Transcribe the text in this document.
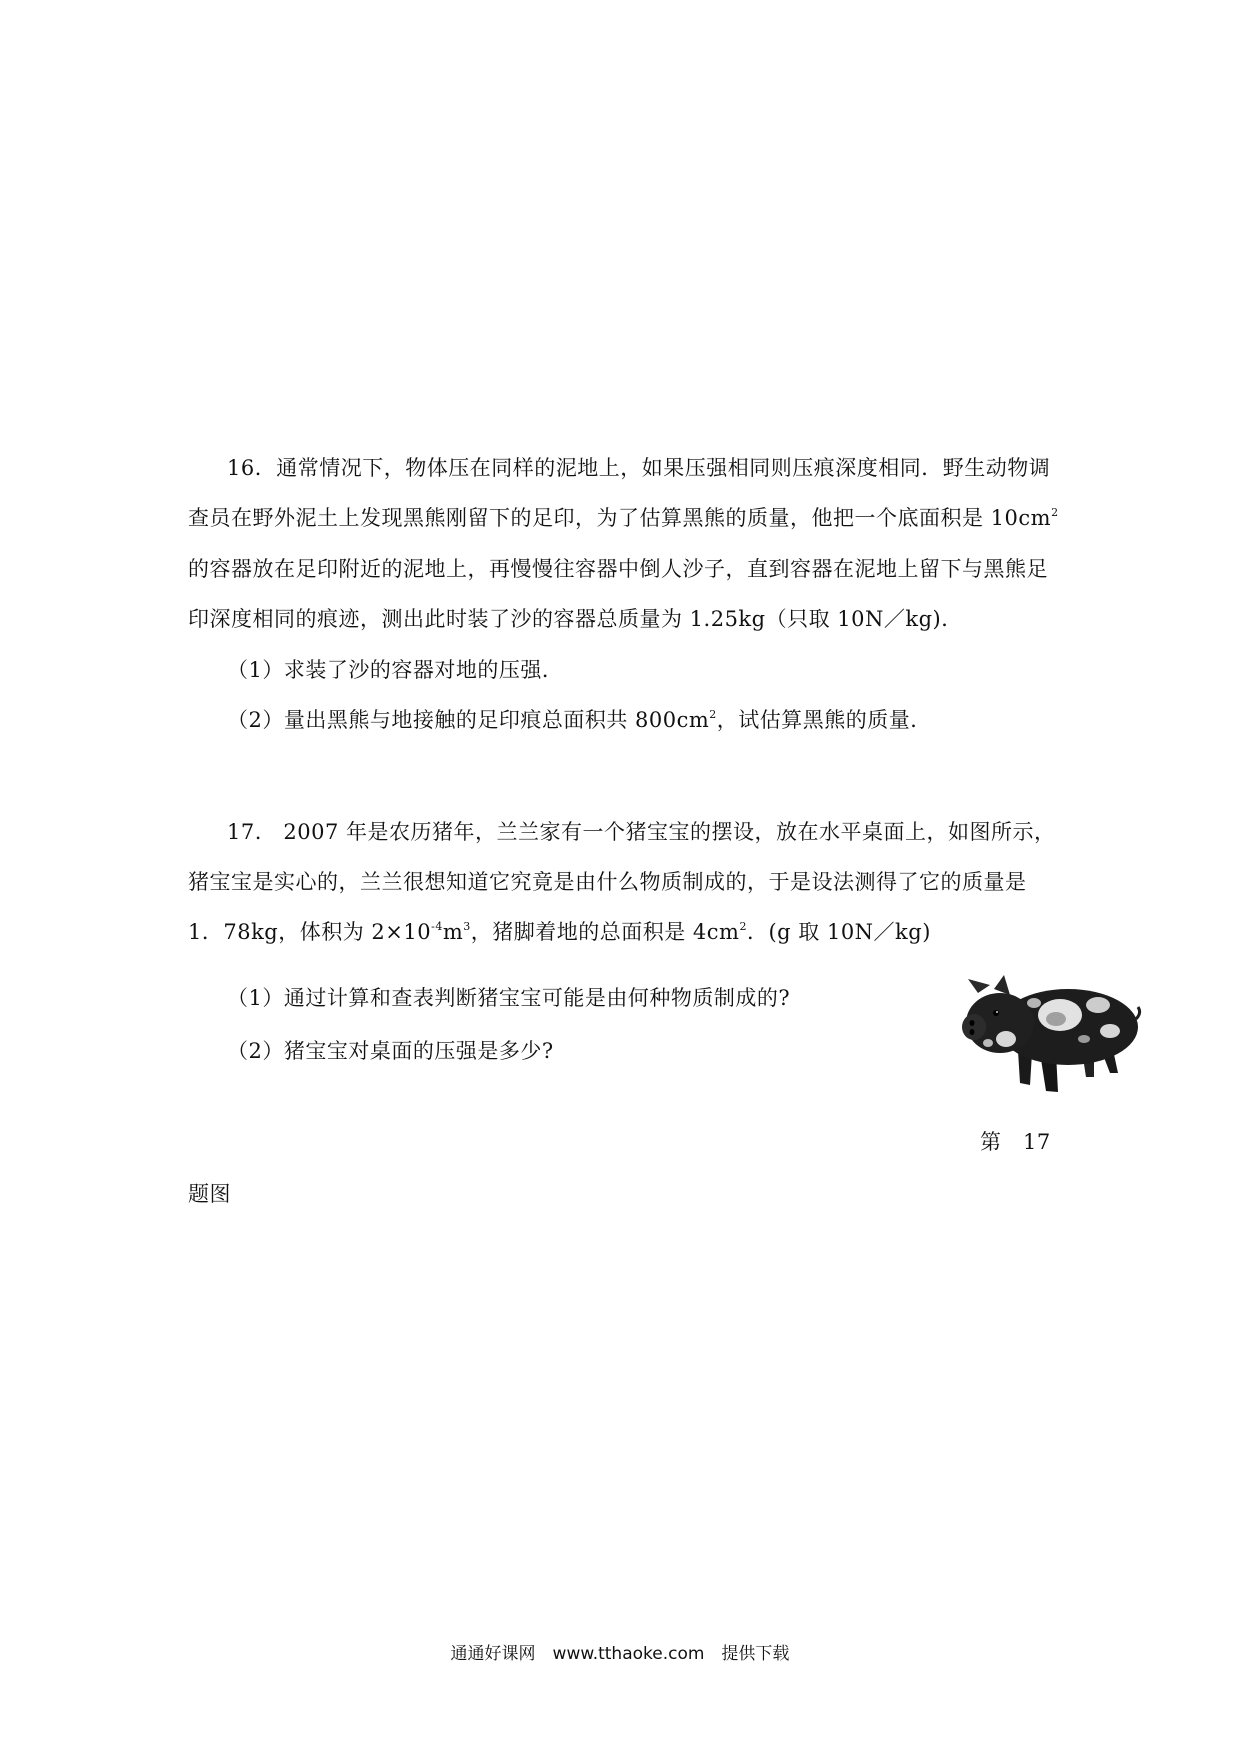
16．通常情况下，物体压在同样的泥地上，如果压强相同则压痕深度相同．野生动物调
查员在野外泥土上发现黑熊刚留下的足印，为了估算黑熊的质量，他把一个底面积是 $10cm^2$
的容器放在足印附近的泥地上，再慢慢往容器中倒人沙子，直到容器在泥地上留下与黑熊足
印深度相同的痕迹，测出此时装了沙的容器总质量为 1.25kg（只取 10N／kg)．
（1）求装了沙的容器对地的压强．
（2）量出黑熊与地接触的足印痕总面积共 $800cm^2$，试估算黑熊的质量．
17.　2007 年是农历猪年，兰兰家有一个猪宝宝的摆设，放在水平桌面上，如图所示，
猪宝宝是实心的，兰兰很想知道它究竟是由什么物质制成的，于是设法测得了它的质量是
1．78kg，体积为 $2\times 10^{-4}m^3$，猪脚着地的总面积是 $4cm^2$．(g 取 10N／kg)
（1）通过计算和查表判断猪宝宝可能是由何种物质制成的?
（2）猪宝宝对桌面的压强是多少?
第　17
题图
通通好课网　www.tthaoke.com　提供下载
